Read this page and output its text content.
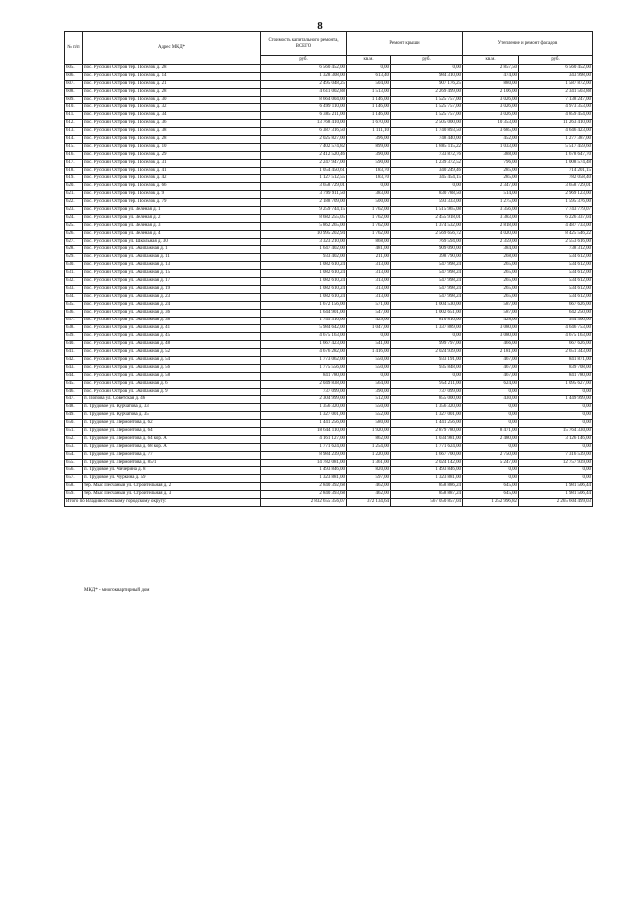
8
№ п/п	Адрес МКД*	Стоимость капитального ремонта, ВСЕГО	Ремонт крыши		Утепление и ремонт фасадов	
		руб.	кв.м.	руб.	кв.м.	руб.
605.	пос. Русский Остров тер. Поселок д. 28	6 560 452,00	0,00	0,00	2 857,50	6 560 452,00
606.	пос. Русский Остров тер. Поселок д. 14	1 328 308,00	613,40	984 310,00	474,00	343 998,00
607.	пос. Русский Остров тер. Поселок д. 21	2 495 048,25	504,00	907 176,25	880,00	1 587 872,00
608.	пос. Русский Остров тер. Поселок д. 28	4 611 002,88	1 513,00	2 269 499,00	2 106,00	2 341 503,88
609.	пос. Русский Остров тер. Поселок д. 30	8 664 004,00	1 146,00	1 525 757,00	3 026,00	7 138 247,00
610.	пос. Русский Остров тер. Поселок д. 32	6 499 110,00	1 146,00	1 525 757,00	3 026,00	4 973 353,00
611.	пос. Русский Остров тер. Поселок д. 34	6 385 211,00	1 146,00	1 525 757,00	3 026,00	4 859 454,00
612.	пос. Русский Остров тер. Поселок д. 36	13 768 410,00	1 670,00	2 505 000,00	10 353,00	11 263 410,00
613.	пос. Русский Остров тер. Поселок д. 38	6 387 316,50	1 111,10	1 740 893,50	3 685,00	4 646 423,00
614.	пос. Русский Остров тер. Поселок д. 28	2 025 827,00	396,00	748 440,00	452,00	1 277 387,00
615.	пос. Русский Остров тер. Поселок д. 10	7 402 574,82	899,00	1 885 115,22	1 033,00	5 517 459,60
616.	пос. Русский Остров тер. Поселок д. 29	2 412 520,46	390,00	733 872,76	388,00	1 678 647,70
617.	пос. Русский Остров тер. Поселок д. 31	2 247 947,00	590,00	1 239 372,52	796,00	1 008 574,48
618.	пос. Русский Остров тер. Поселок д. 41	1 054 450,61	183,70	340 249,46	285,00	714 201,15
619.	пос. Русский Остров тер. Поселок д. 42	1 127 512,55	183,70	345 454,15	285,00	782 058,40
620.	пос. Русский Остров тер. Поселок д. 66	3 658 729,01	0,00	0,00	2 347,00	3 658 729,01
621.	пос. Русский Остров тер. Поселок д. 9	3 799 911,50	383,00	830 788,50	514,00	2 969 123,00
622.	пос. Русский Остров тер. Поселок д. 79	2 188 709,00	500,00	593 333,00	1 275,00	1 595 376,00
623.	пос. Русский Остров ул. Зеленая д. 1	9 259 744,15	1 762,00	1 515 965,08	3 356,00	7 743 779,07
624.	пос. Русский Остров ул. Зеленая д. 2	8 682 255,05	1 762,00	2 455 918,01	3 383,00	6 226 337,04
625.	пос. Русский Остров ул. Зеленая д. 3	5 862 265,00	1 762,00	1 374 532,00	2 818,00	4 487 733,00
626.	пос. Русский Остров ул. Зеленая д. 4	10 995 202,94	1 762,00	2 569 656,72	4 020,00	8 425 546,22
627.	пос. Русский Остров ул. Школьная д. 30	3 323 210,00	868,00	769 594,00	2 359,00	2 553 616,00
628.	пос. Русский Остров ул. Экипажная д. 1	1 647 402,00	481,00	909 090,00	384,00	738 312,00
629.	пос. Русский Остров ул. Экипажная д. 11	933 402,00	211,00	398 790,00	268,00	534 612,00
630.	пос. Русский Остров ул. Экипажная д. 13	1 082 610,24	313,00	547 998,24	265,00	534 612,00
631.	пос. Русский Остров ул. Экипажная д. 15	1 082 610,24	313,00	547 998,24	265,00	534 612,00
632.	пос. Русский Остров ул. Экипажная д. 17	1 082 610,24	313,00	547 998,24	265,00	534 612,00
633.	пос. Русский Остров ул. Экипажная д. 19	1 082 610,24	313,00	547 998,24	265,00	534 612,00
634.	пос. Русский Остров ул. Экипажная д. 23	1 082 610,24	313,00	547 998,24	265,00	534 612,00
635.	пос. Русский Остров ул. Экипажная д. 24	1 672 156,00	571,00	1 004 530,00	587,00	667 626,00
636.	пос. Русский Остров ул. Экипажная д. 36	1 644 901,00	547,00	1 002 651,00	587,00	642 250,00
637.	пос. Русский Остров ул. Экипажная д. 38	1 745 310,00	429,00	810 810,00	428,00	934 500,00
638.	пос. Русский Остров ул. Экипажная д. 41	5 984 642,00	1 047,00	1 337 889,00	3 080,00	4 646 753,00
639.	пос. Русский Остров ул. Экипажная д. 45	4 675 163,00	0,00	0,00	3 080,00	4 675 163,00
640.	пос. Русский Остров ул. Экипажная д. 48	1 667 423,00	541,00	999 797,00	466,00	667 626,00
641.	пос. Русский Остров ул. Экипажная д. 52	4 676 282,00	1 416,00	2 024 939,00	2 181,00	2 651 343,00
642.	пос. Русский Остров ул. Экипажная д. 54	1 773 062,00	550,00	933 191,00	467,00	841 871,00
643.	пос. Русский Остров ул. Экипажная д. 56	1 775 556,00	550,00	935 848,00	467,00	839 708,00
644.	пос. Русский Остров ул. Экипажная д. 58	841 780,00	0,00	0,00	467,00	841 780,00
645.	пос. Русский Остров ул. Экипажная д. 6	2 049 838,00	564,00	954 211,00	624,00	1 095 627,00
646.	пос. Русский Остров ул. Экипажная д. 9	737 099,00	390,00	737 099,00	0,00	0,00
647.	п. Попова ул. Советская д. 46	2 304 999,00	512,00	855 000,00	430,00	1 449 999,00
648.	п. Трудовое ул. Курчатова д. 33	1 356 320,00	550,00	1 356 320,00	0,00	0,00
649.	п. Трудовое ул. Курчатова д. 35	1 327 001,00	552,00	1 327 001,00	0,00	0,00
650.	п. Трудовое ул. Лермонтова д. 62	1 441 256,00	580,00	1 441 256,00	0,00	0,00
651.	п. Трудовое ул. Лермонтова д. 64	18 644 110,00	1 920,00	2 879 780,00	8 471,00	15 764 330,00
652.	п. Трудовое ул. Лермонтова д. 64 кор. А	4 161 127,00	862,00	1 034 981,00	2 480,00	3 126 146,00
653.	п. Трудовое ул. Лермонтова д. 68 кор. А	1 771 624,00	1 254,00	1 771 624,00	0,00	0,00
654.	п. Трудовое ул. Лермонтова д. 77	8 984 239,00	1 220,00	1 667 700,00	2 750,00	7 316 539,00
655.	п. Трудовое ул. Лермонтова д. 85/1	14 782 081,00	1 361,00	2 024 142,00	5 247,00	12 757 939,00
656.	п. Трудовое ул. Чичерина д. 8	1 493 846,00	820,00	1 493 846,00	0,00	0,00
657.	п. Трудовое ул. Чуркина д. 59	1 323 881,00	597,00	1 323 881,00	0,00	0,00
658.	тер. Мыс Песчаный ул. Строительная д. 2	2 840 392,68	462,00	858 886,24	645,00	1 981 506,44
659.	тер. Мыс Песчаный ул. Строительная д. 3	2 840 393,68	462,00	858 887,24	645,00	1 981 506,44
Итого по Владивостокскому городскому округу:		2 832 655 356,07	372 134,64	567 050 857,04	1 252 996,82	2 265 604 499,03
МКД* - многоквартирный дом
